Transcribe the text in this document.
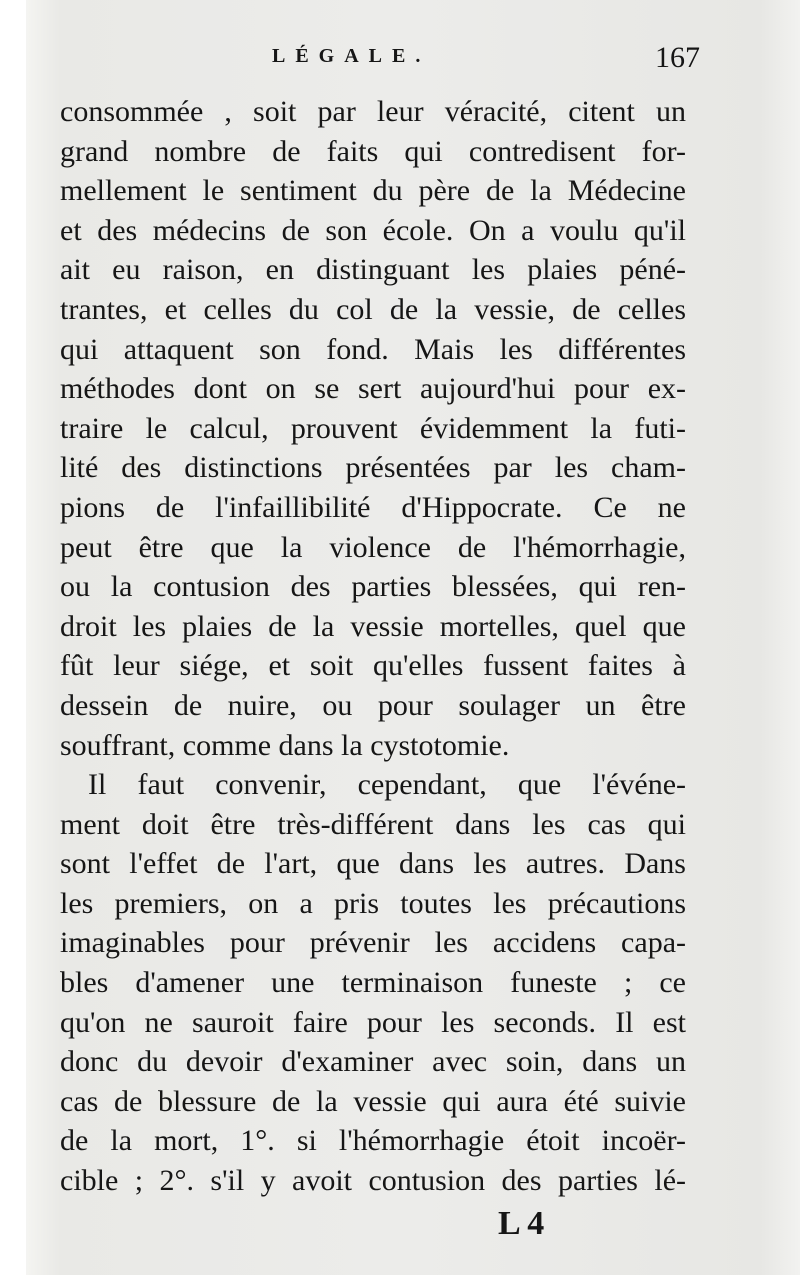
LÉGALE.	167
consommée , soit par leur véracité, citent un
grand nombre de faits qui contredisent for-
mellement le sentiment du père de la Médecine
et des médecins de son école. On a voulu qu'il
ait eu raison, en distinguant les plaies péné-
trantes, et celles du col de la vessie, de celles
qui attaquent son fond. Mais les différentes
méthodes dont on se sert aujourd'hui pour ex-
traire le calcul, prouvent évidemment la futi-
lité des distinctions présentées par les cham-
pions de l'infaillibilité d'Hippocrate. Ce ne
peut être que la violence de l'hémorrhagie,
ou la contusion des parties blessées, qui ren-
droit les plaies de la vessie mortelles, quel que
fût leur siége, et soit qu'elles fussent faites à
dessein de nuire, ou pour soulager un être
souffrant, comme dans la cystotomie.
Il faut convenir, cependant, que l'événe-
ment doit être très-différent dans les cas qui
sont l'effet de l'art, que dans les autres. Dans
les premiers, on a pris toutes les précautions
imaginables pour prévenir les accidens capa-
bles d'amener une terminaison funeste ; ce
qu'on ne sauroit faire pour les seconds. Il est
donc du devoir d'examiner avec soin, dans un
cas de blessure de la vessie qui aura été suivie
de la mort, 1°. si l'hémorrhagie étoit incoër-
cible ; 2°. s'il y avoit contusion des parties lé-
L 4
